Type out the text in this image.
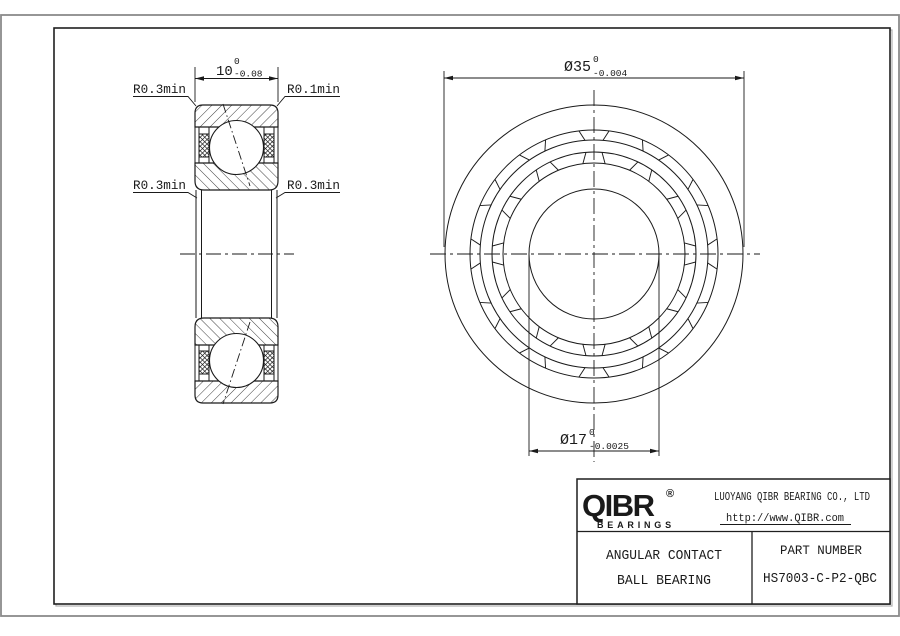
10
0
-0.08
R0.3min	R0.1min
R0.3min	R0.3min
Ø35 0
-0.004
Ø17 0
-0.0025
QIBR ®
BEARINGS
LUOYANG QIBR BEARING CO., LTD
http://www.QIBR.com
ANGULAR CONTACT
BALL BEARING
PART NUMBER
HS7003-C-P2-QBC
